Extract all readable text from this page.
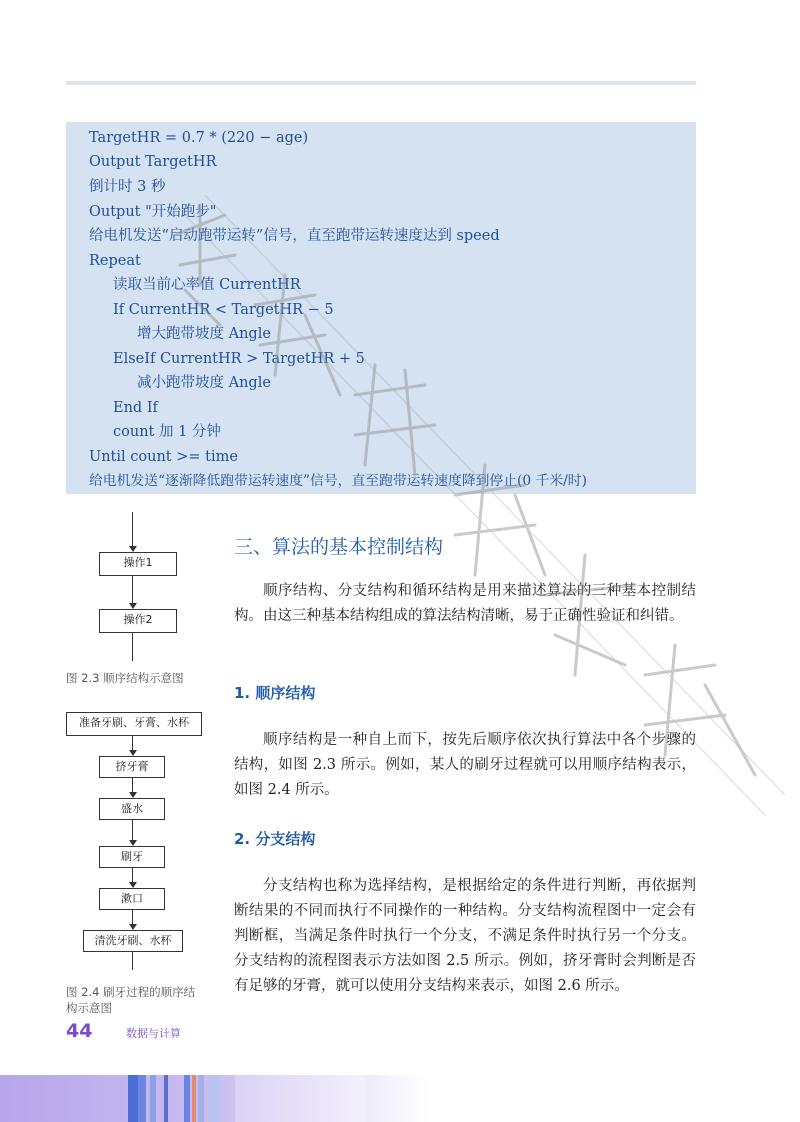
TargetHR = 0.7 * (220 − age)
Output TargetHR
倒计时 3 秒
Output "开始跑步"
给电机发送“启动跑带运转”信号，直至跑带运转速度达到 speed
Repeat
读取当前心率值 CurrentHR
If CurrentHR < TargetHR − 5
增大跑带坡度 Angle
ElseIf CurrentHR > TargetHR + 5
减小跑带坡度 Angle
End If
count 加 1 分钟
Until count >= time
给电机发送“逐渐降低跑带运转速度”信号，直至跑带运转速度降到停止(0 千米/时)
操作1
操作2
准备牙刷、牙膏、水杯
挤牙膏
盛水
刷牙
漱口
清洗牙刷、水杯
图 2.3 顺序结构示意图
图 2.4 刷牙过程的顺序结
构示意图
三、算法的基本控制结构
顺序结构、分支结构和循环结构是用来描述算法的三种基本控制结构。由这三种基本结构组成的算法结构清晰，易于正确性验证和纠错。
1. 顺序结构
顺序结构是一种自上而下，按先后顺序依次执行算法中各个步骤的结构，如图 2.3 所示。例如，某人的刷牙过程就可以用顺序结构表示，如图 2.4 所示。
2. 分支结构
分支结构也称为选择结构，是根据给定的条件进行判断，再依据判断结果的不同而执行不同操作的一种结构。分支结构流程图中一定会有判断框，当满足条件时执行一个分支，不满足条件时执行另一个分支。分支结构的流程图表示方法如图 2.5 所示。例如，挤牙膏时会判断是否有足够的牙膏，就可以使用分支结构来表示，如图 2.6 所示。
44	数据与计算
